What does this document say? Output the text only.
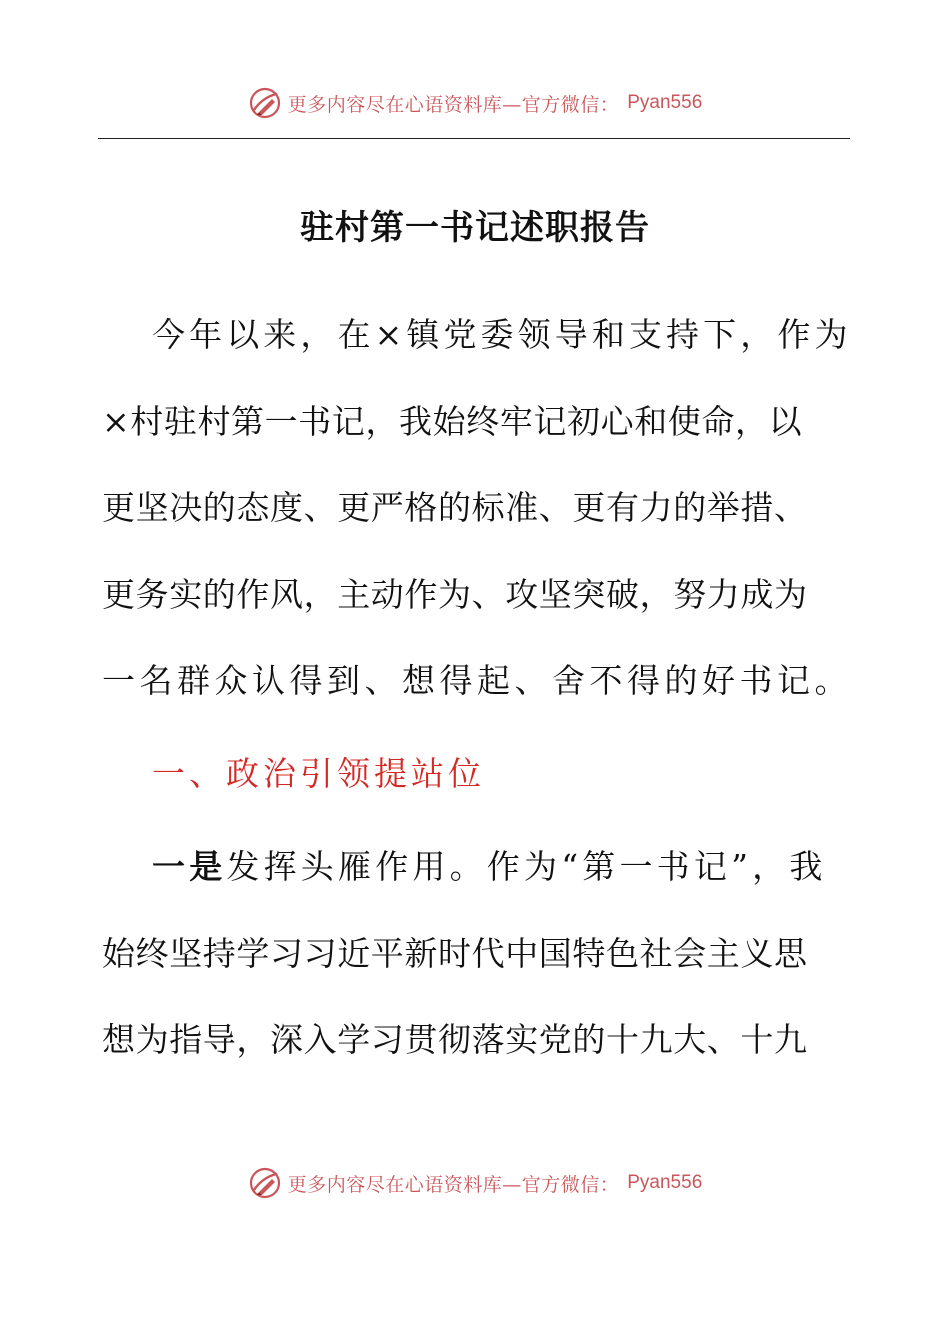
更多内容尽在心语资料库—官方微信： Pyan556
驻村第一书记述职报告
今年以来，在×镇党委领导和支持下，作为
×村驻村第一书记，我始终牢记初心和使命，以
更坚决的态度、更严格的标准、更有力的举措、
更务实的作风，主动作为、攻坚突破，努力成为
一名群众认得到、想得起、舍不得的好书记。
一、政治引领提站位
一是发挥头雁作用。作为“第一书记”，我
始终坚持学习习近平新时代中国特色社会主义思
想为指导，深入学习贯彻落实党的十九大、十九
更多内容尽在心语资料库—官方微信： Pyan556
